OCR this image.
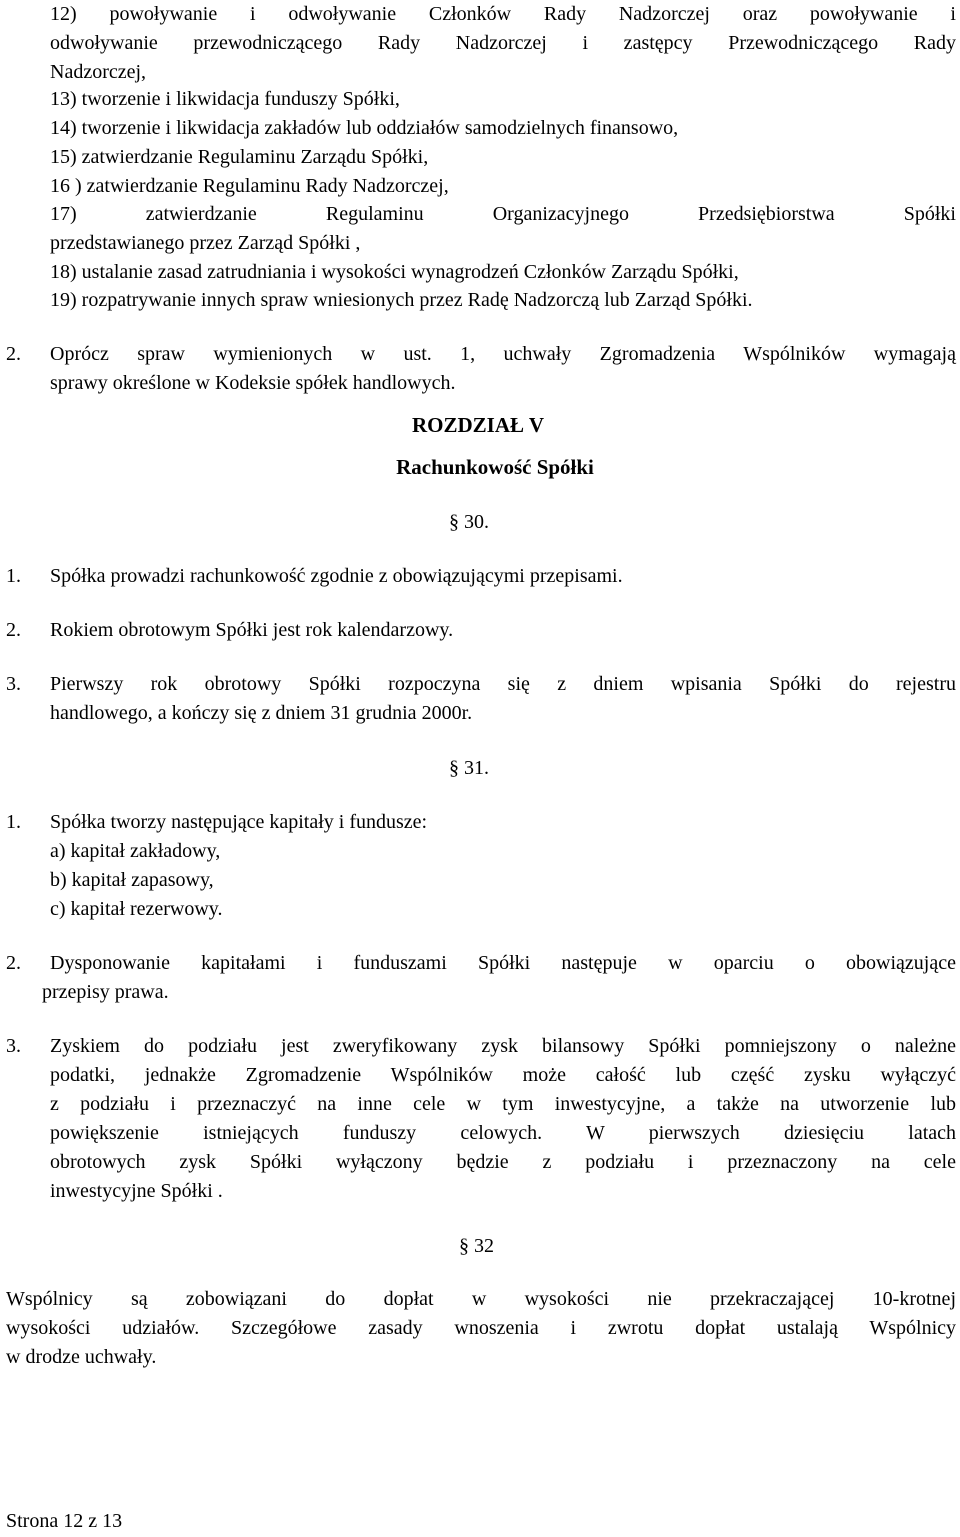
12) powoływanie i odwoływanie Członków Rady Nadzorczej oraz powoływanie i
odwoływanie przewodniczącego Rady Nadzorczej i zastępcy Przewodniczącego Rady
Nadzorczej,
13) tworzenie i likwidacja funduszy Spółki,
14) tworzenie i likwidacja zakładów lub oddziałów samodzielnych finansowo,
15) zatwierdzanie Regulaminu Zarządu Spółki,
16 ) zatwierdzanie Regulaminu Rady Nadzorczej,
17) zatwierdzanie Regulaminu Organizacyjnego Przedsiębiorstwa Spółki
przedstawianego przez Zarząd Spółki ,
18) ustalanie zasad zatrudniania i wysokości wynagrodzeń Członków Zarządu Spółki,
19) rozpatrywanie innych spraw wniesionych przez Radę Nadzorczą lub Zarząd Spółki.
2. Oprócz spraw wymienionych w ust. 1, uchwały Zgromadzenia Wspólników wymagają
sprawy określone w Kodeksie spółek handlowych.
ROZDZIAŁ V
Rachunkowość Spółki
§ 30.
1. Spółka prowadzi rachunkowość zgodnie z obowiązującymi przepisami.
2. Rokiem obrotowym Spółki jest rok kalendarzowy.
3. Pierwszy rok obrotowy Spółki rozpoczyna się z dniem wpisania Spółki do rejestru
handlowego, a kończy się z dniem 31 grudnia 2000r.
§ 31.
1. Spółka tworzy następujące kapitały i fundusze:
a) kapitał zakładowy,
b) kapitał zapasowy,
c) kapitał rezerwowy.
2. Dysponowanie kapitałami i funduszami Spółki następuje w oparciu o obowiązujące
przepisy prawa.
3. Zyskiem do podziału jest zweryfikowany zysk bilansowy Spółki pomniejszony o należne
podatki, jednakże Zgromadzenie Wspólników może całość lub część zysku wyłączyć
z podziału i przeznaczyć na inne cele w tym inwestycyjne, a także na utworzenie lub
powiększenie istniejących funduszy celowych. W pierwszych dziesięciu latach
obrotowych zysk Spółki wyłączony będzie z podziału i przeznaczony na cele
inwestycyjne Spółki .
§ 32
Wspólnicy są zobowiązani do dopłat w wysokości nie przekraczającej 10-krotnej
wysokości udziałów. Szczegółowe zasady wnoszenia i zwrotu dopłat ustalają Wspólnicy
w drodze uchwały.
Strona 12 z 13
